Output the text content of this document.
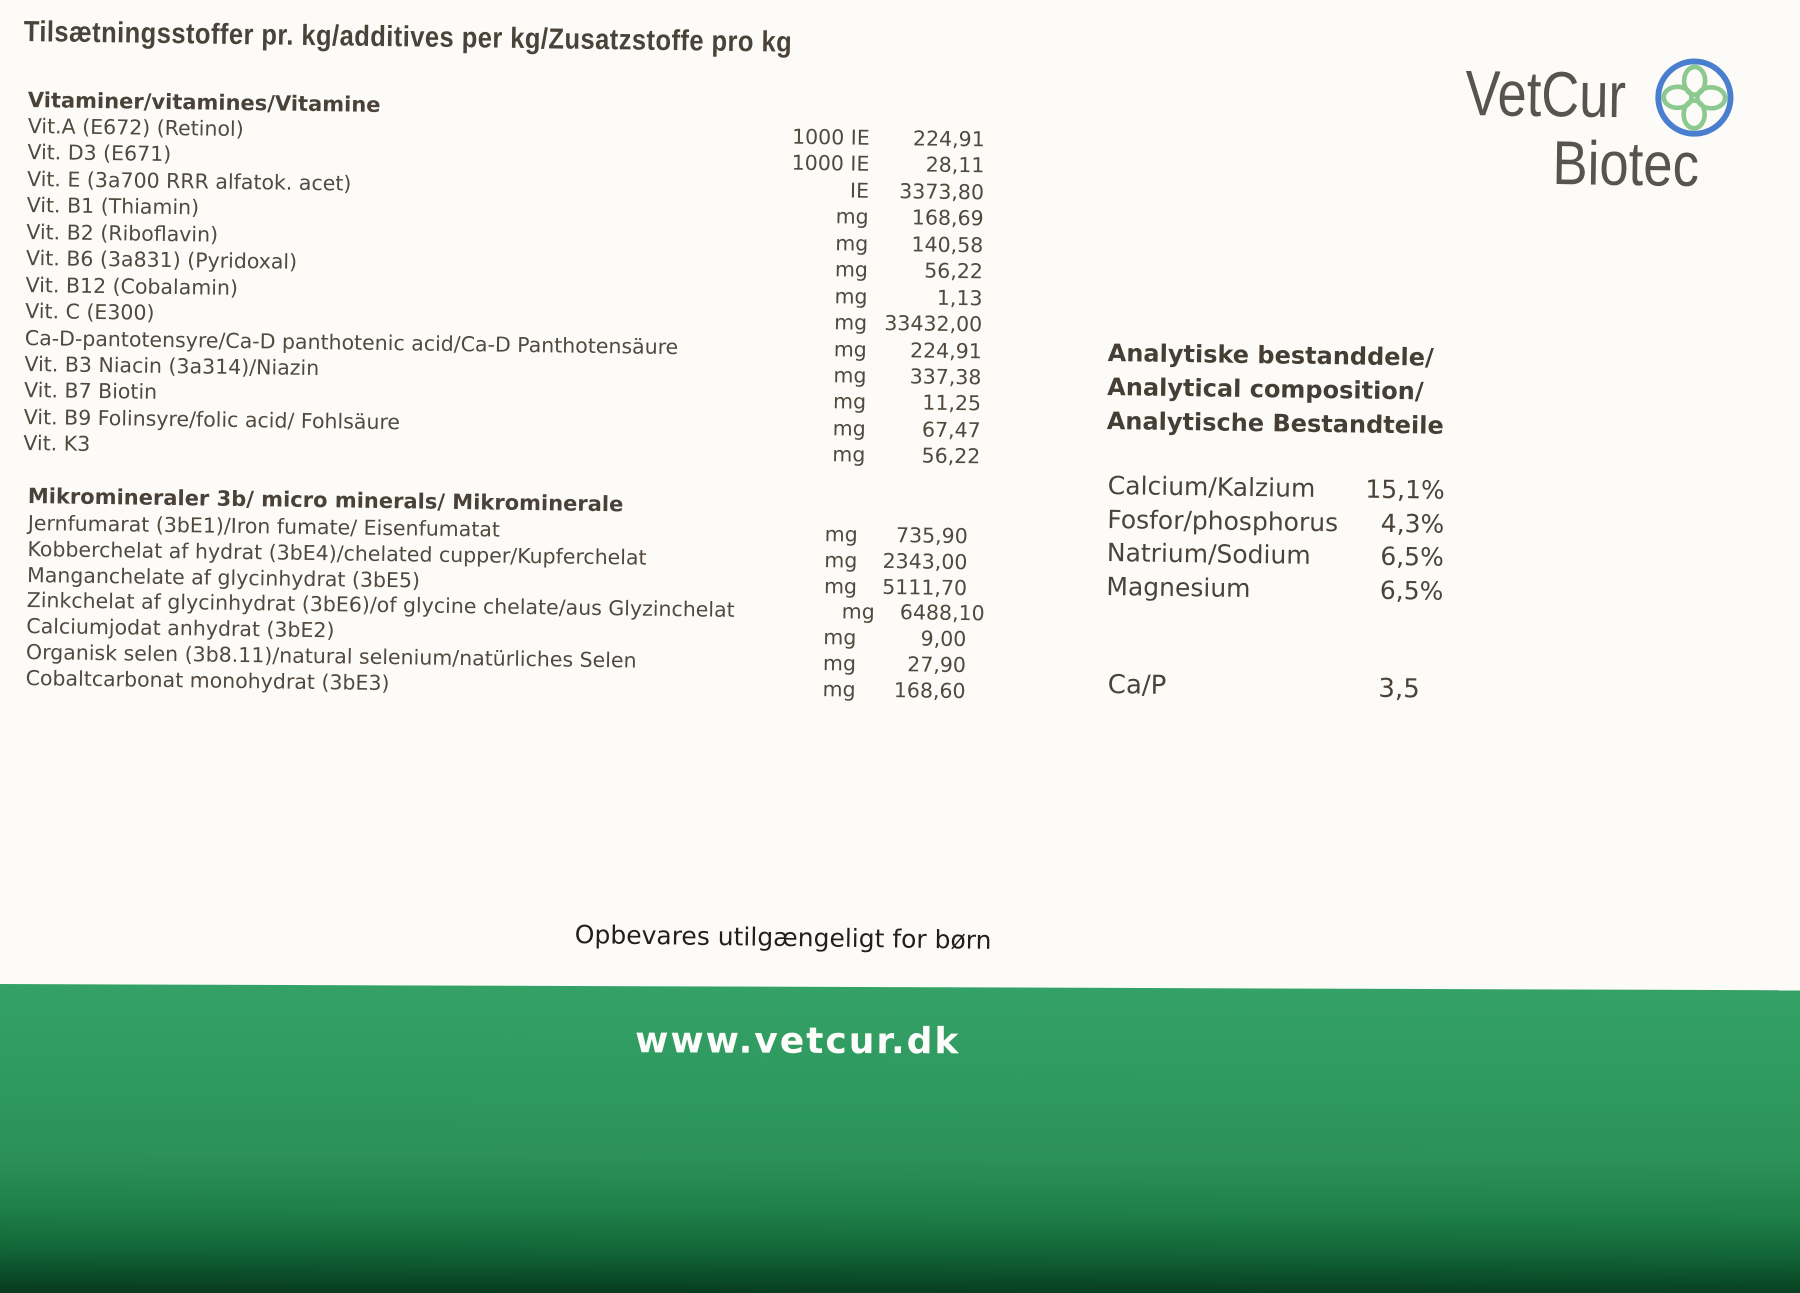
Tilsætningsstoffer pr. kg/additives per kg/Zusatzstoffe pro kg
VetCur
Biotec
Vitaminer/vitamines/Vitamine
Vit.A (E672) (Retinol)	1000 IE	224,91
Vit. D3 (E671)	1000 IE	28,11
Vit. E (3a700 RRR alfatok. acet)	IE	3373,80
Vit. B1 (Thiamin)	mg	168,69
Vit. B2 (Riboflavin)	mg	140,58
Vit. B6 (3a831) (Pyridoxal)	mg	56,22
Vit. B12 (Cobalamin)	mg	1,13
Vit. C (E300)	mg 33432,00
Ca-D-pantotensyre/Ca-D panthotenic acid/Ca-D Panthotensäure	mg	224,91
Vit. B3 Niacin (3a314)/Niazin	mg	337,38
Vit. B7 Biotin	mg	11,25
Vit. B9 Folinsyre/folic acid/ Fohlsäure	mg	67,47
Vit. K3	mg	56,22
Mikromineraler 3b/ micro minerals/ Mikrominerale
Jernfumarat (3bE1)/Iron fumate/ Eisenfumatat	mg	735,90
Kobberchelat af hydrat (3bE4)/chelated cupper/Kupferchelat	mg	2343,00
Manganchelate af glycinhydrat (3bE5)	mg	5111,70
Zinkchelat af glycinhydrat (3bE6)/of glycine chelate/aus Glyzinchelat	mg	6488,10
Calciumjodat anhydrat (3bE2)	mg	9,00
Organisk selen (3b8.11)/natural selenium/natürliches Selen	mg	27,90
Cobaltcarbonat monohydrat (3bE3)	mg	168,60
Analytiske bestanddele/
Analytical composition/
Analytische Bestandteile
Calcium/Kalzium	15,1%
Fosfor/phosphorus	4,3%
Natrium/Sodium	6,5%
Magnesium	6,5%
Ca/P	3,5
Opbevares utilgængeligt for børn
www.vetcur.dk
